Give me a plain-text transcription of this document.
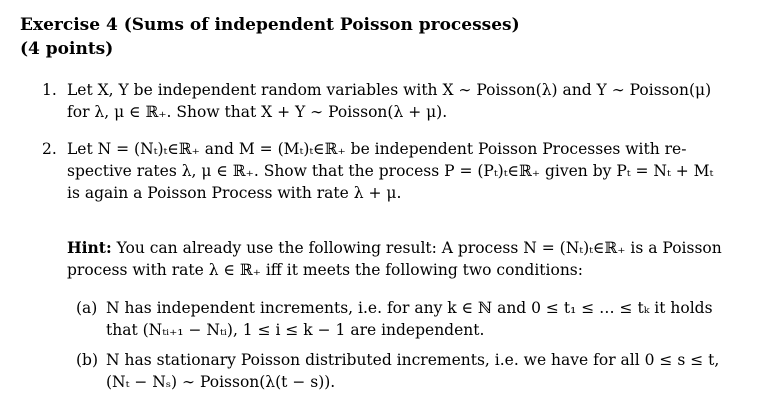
Exercise 4 (Sums of independent Poisson processes)
(4 points)
1. Let X, Y be independent random variables with X ∼ Poisson(λ) and Y ∼ Poisson(μ)
for λ, μ ∈ ℝ₊. Show that X + Y ∼ Poisson(λ + μ).
2. Let N = (Nₜ)ₜ∈ℝ₊ and M = (Mₜ)ₜ∈ℝ₊ be independent Poisson Processes with re-
spective rates λ, μ ∈ ℝ₊. Show that the process P = (Pₜ)ₜ∈ℝ₊ given by Pₜ = Nₜ + Mₜ
is again a Poisson Process with rate λ + μ.
Hint: You can already use the following result: A process N = (Nₜ)ₜ∈ℝ₊ is a Poisson
process with rate λ ∈ ℝ₊ iff it meets the following two conditions:
(a) N has independent increments, i.e. for any k ∈ ℕ and 0 ≤ t₁ ≤ … ≤ tₖ it holds
that (Nₜᵢ₊₁ − Nₜᵢ), 1 ≤ i ≤ k − 1 are independent.
(b) N has stationary Poisson distributed increments, i.e. we have for all 0 ≤ s ≤ t,
(Nₜ − Nₛ) ∼ Poisson(λ(t − s)).
